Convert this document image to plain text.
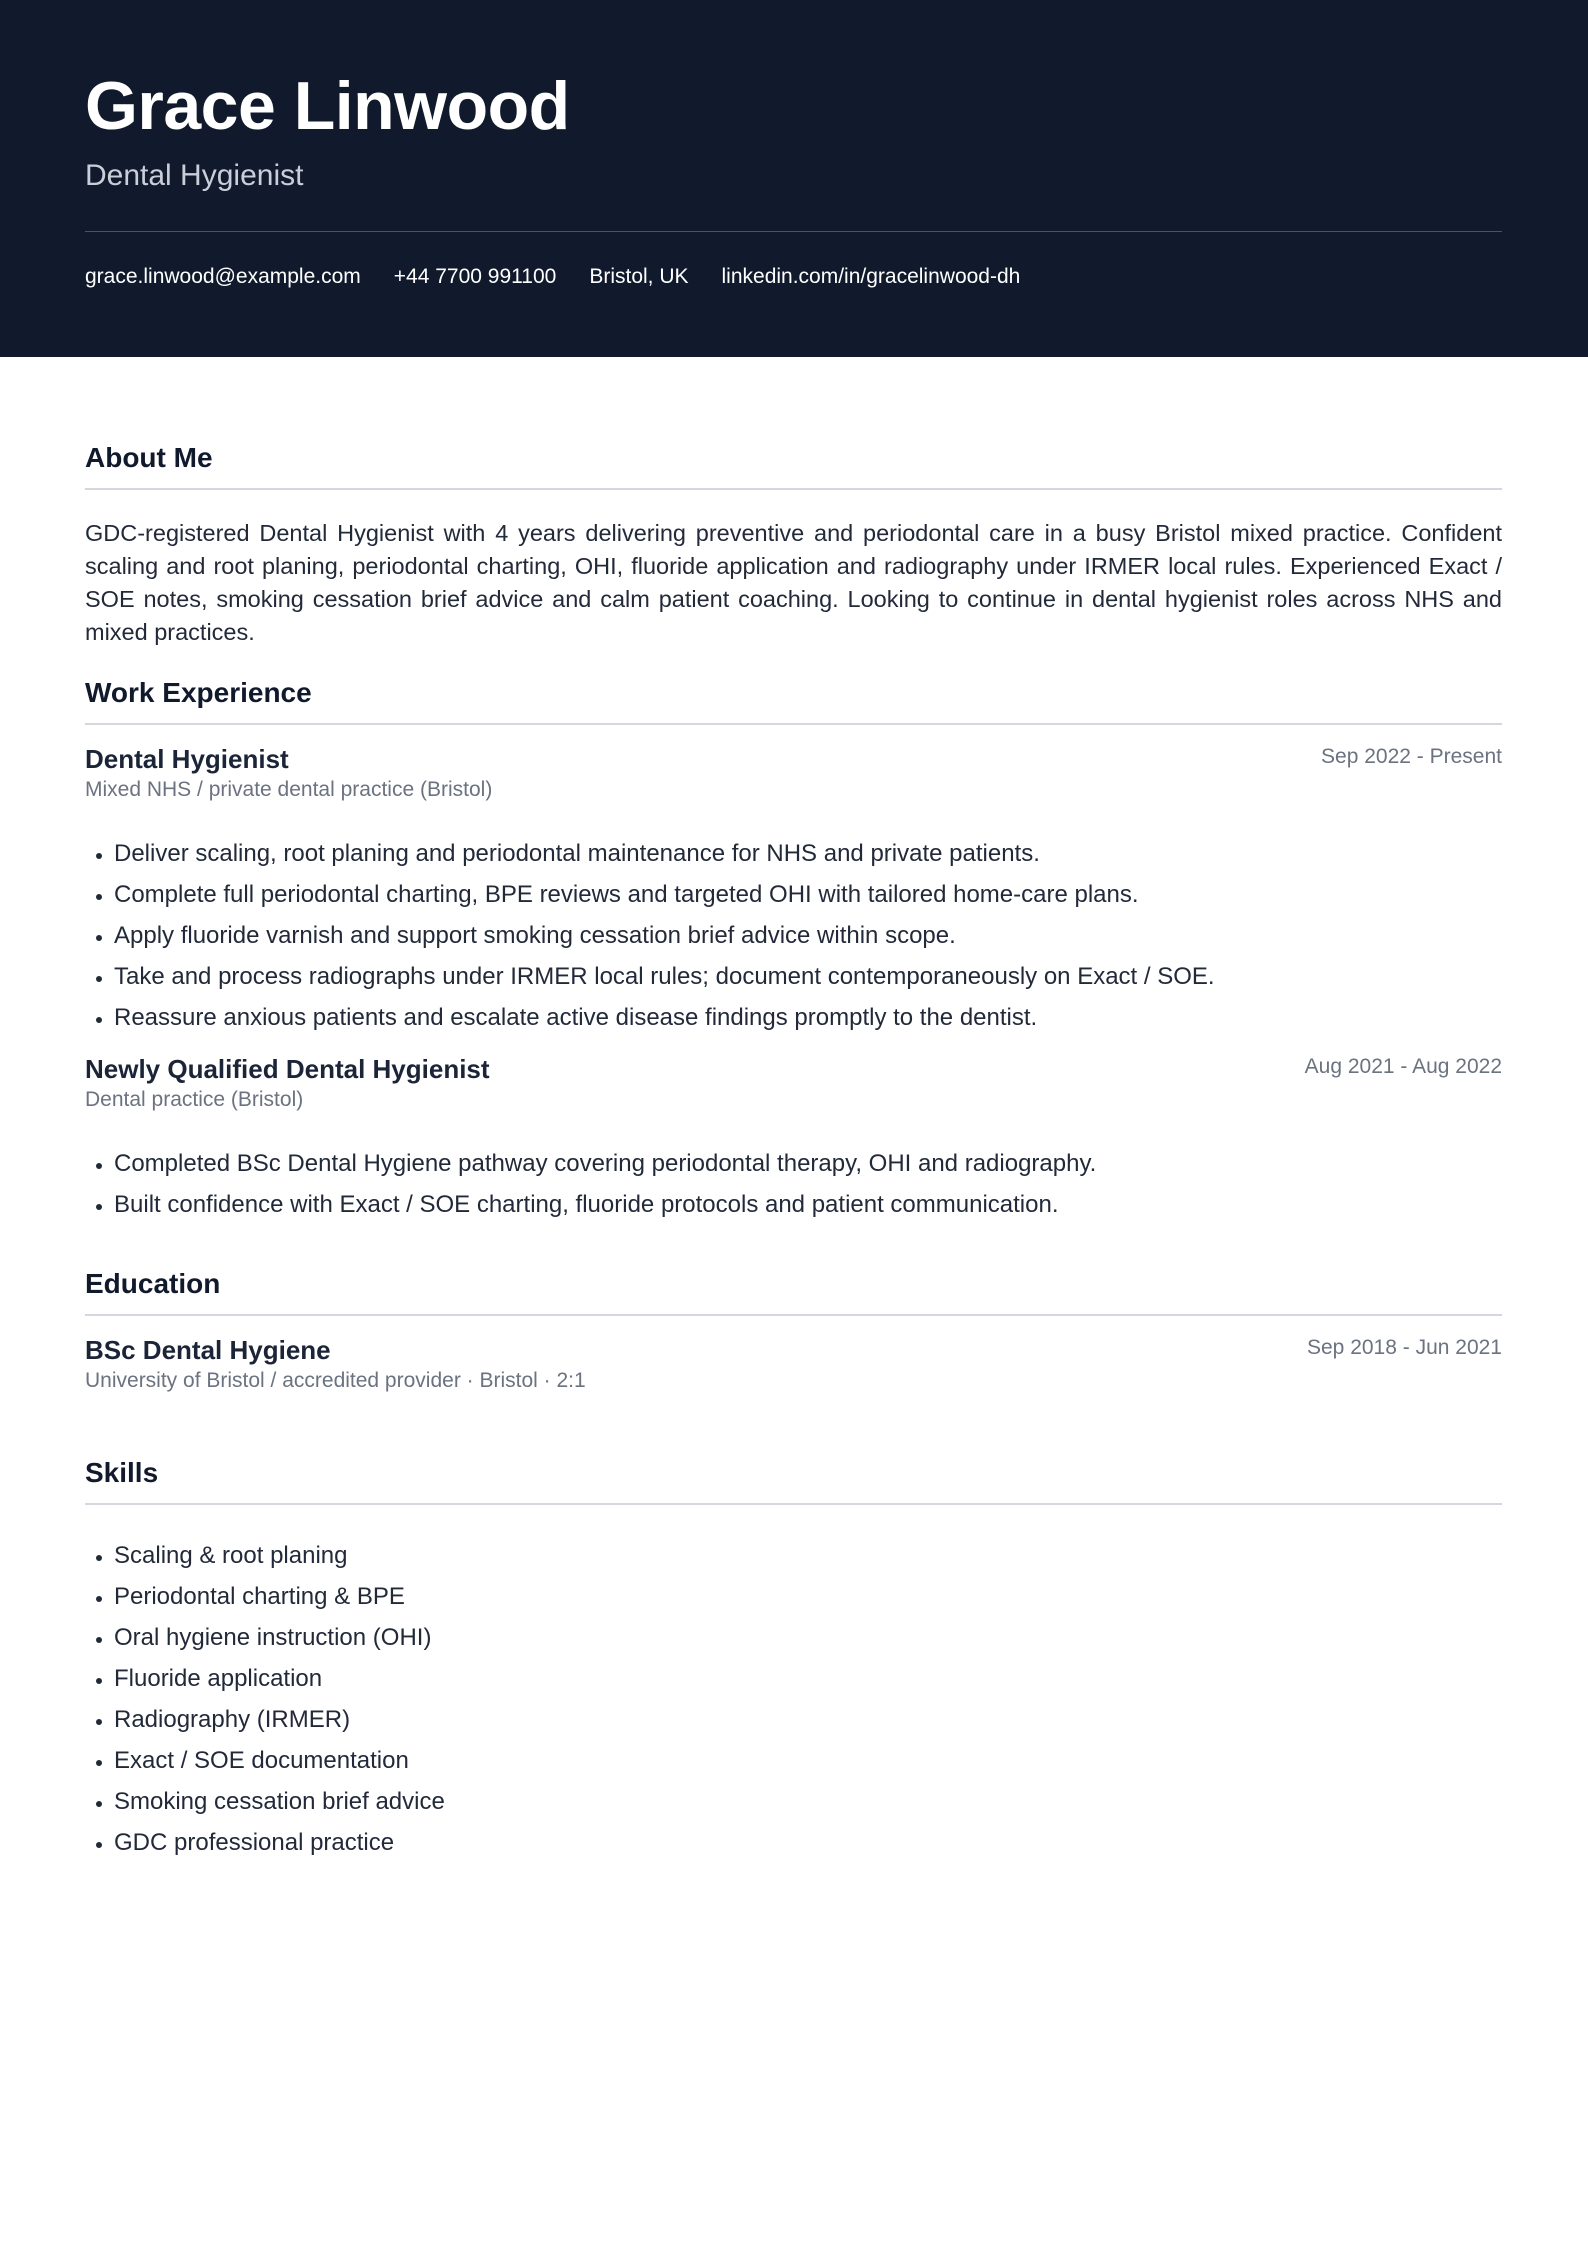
Grace Linwood
Dental Hygienist
grace.linwood@example.com +44 7700 991100 Bristol, UK linkedin.com/in/gracelinwood-dh
About Me

GDC-registered Dental Hygienist with 4 years delivering preventive and periodontal care in a busy Bristol mixed practice. Confident scaling and root planing, periodontal charting, OHI, fluoride application and radiography under IRMER local rules. Experienced Exact / SOE notes, smoking cessation brief advice and calm patient coaching. Looking to continue in dental hygienist roles across NHS and mixed practices.

Work Experience
Dental Hygienist	Sep 2022 - Present
Mixed NHS / private dental practice (Bristol)
• Deliver scaling, root planing and periodontal maintenance for NHS and private patients.
• Complete full periodontal charting, BPE reviews and targeted OHI with tailored home-care plans.
• Apply fluoride varnish and support smoking cessation brief advice within scope.
• Take and process radiographs under IRMER local rules; document contemporaneously on Exact / SOE.
• Reassure anxious patients and escalate active disease findings promptly to the dentist.
Newly Qualified Dental Hygienist	Aug 2021 - Aug 2022
Dental practice (Bristol)
• Completed BSc Dental Hygiene pathway covering periodontal therapy, OHI and radiography.
• Built confidence with Exact / SOE charting, fluoride protocols and patient communication.
Education
BSc Dental Hygiene	Sep 2018 - Jun 2021
University of Bristol / accredited provider · Bristol · 2:1
Skills
• Scaling & root planing
• Periodontal charting & BPE
• Oral hygiene instruction (OHI)
• Fluoride application
• Radiography (IRMER)
• Exact / SOE documentation
• Smoking cessation brief advice
• GDC professional practice
